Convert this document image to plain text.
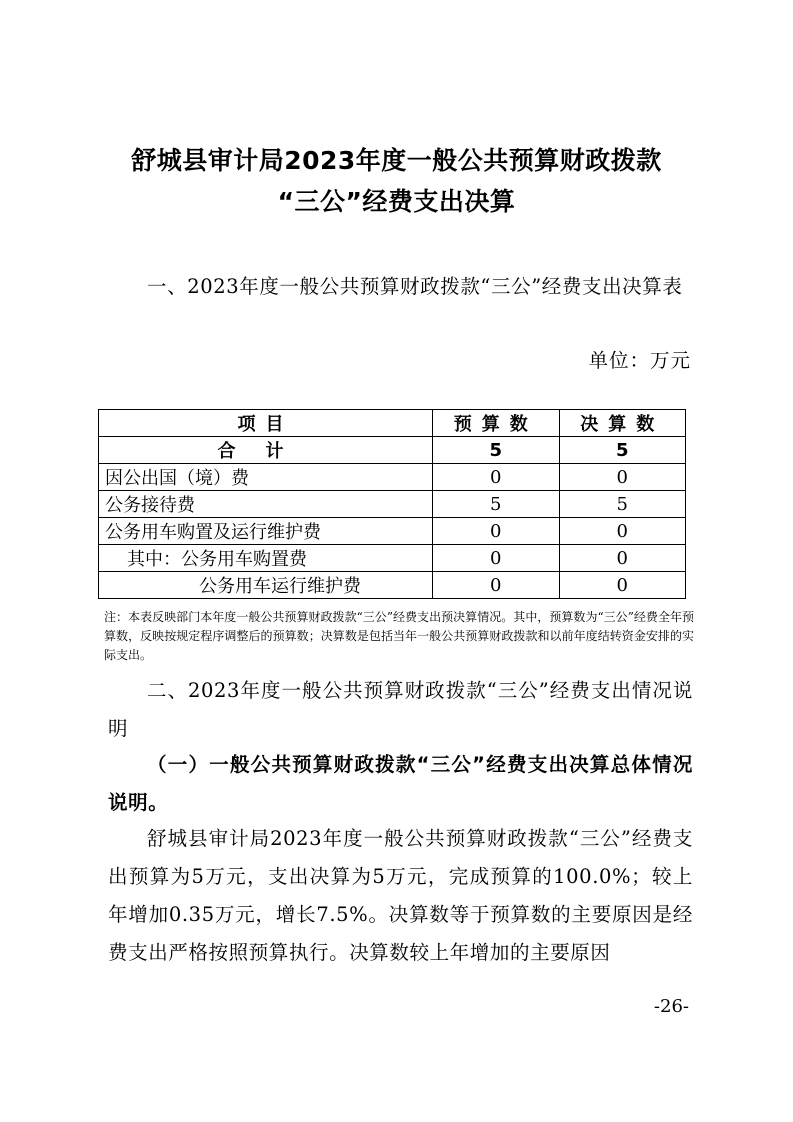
舒城县审计局2023年度一般公共预算财政拨款
“三公”经费支出决算
一、2023年度一般公共预算财政拨款“三公”经费支出决算表
单位：万元
项目	预算数	决算数
合计	5	5
因公出国（境）费	0	0
公务接待费	5	5
公务用车购置及运行维护费	0	0
其中：公务用车购置费	0	0
公务用车运行维护费	0	0
注：本表反映部门本年度一般公共预算财政拨款“三公”经费支出预决算情况。其中，预算数为“三公”经费全年预算数，反映按规定程序调整后的预算数；决算数是包括当年一般公共预算财政拨款和以前年度结转资金安排的实际支出。
二、2023年度一般公共预算财政拨款“三公”经费支出情况说明
（一）一般公共预算财政拨款“三公”经费支出决算总体情况说明。
舒城县审计局2023年度一般公共预算财政拨款“三公”经费支出预算为5万元，支出决算为5万元，完成预算的100.0%；较上年增加0.35万元，增长7.5%。决算数等于预算数的主要原因是经费支出严格按照预算执行。决算数较上年增加的主要原因
-26-
